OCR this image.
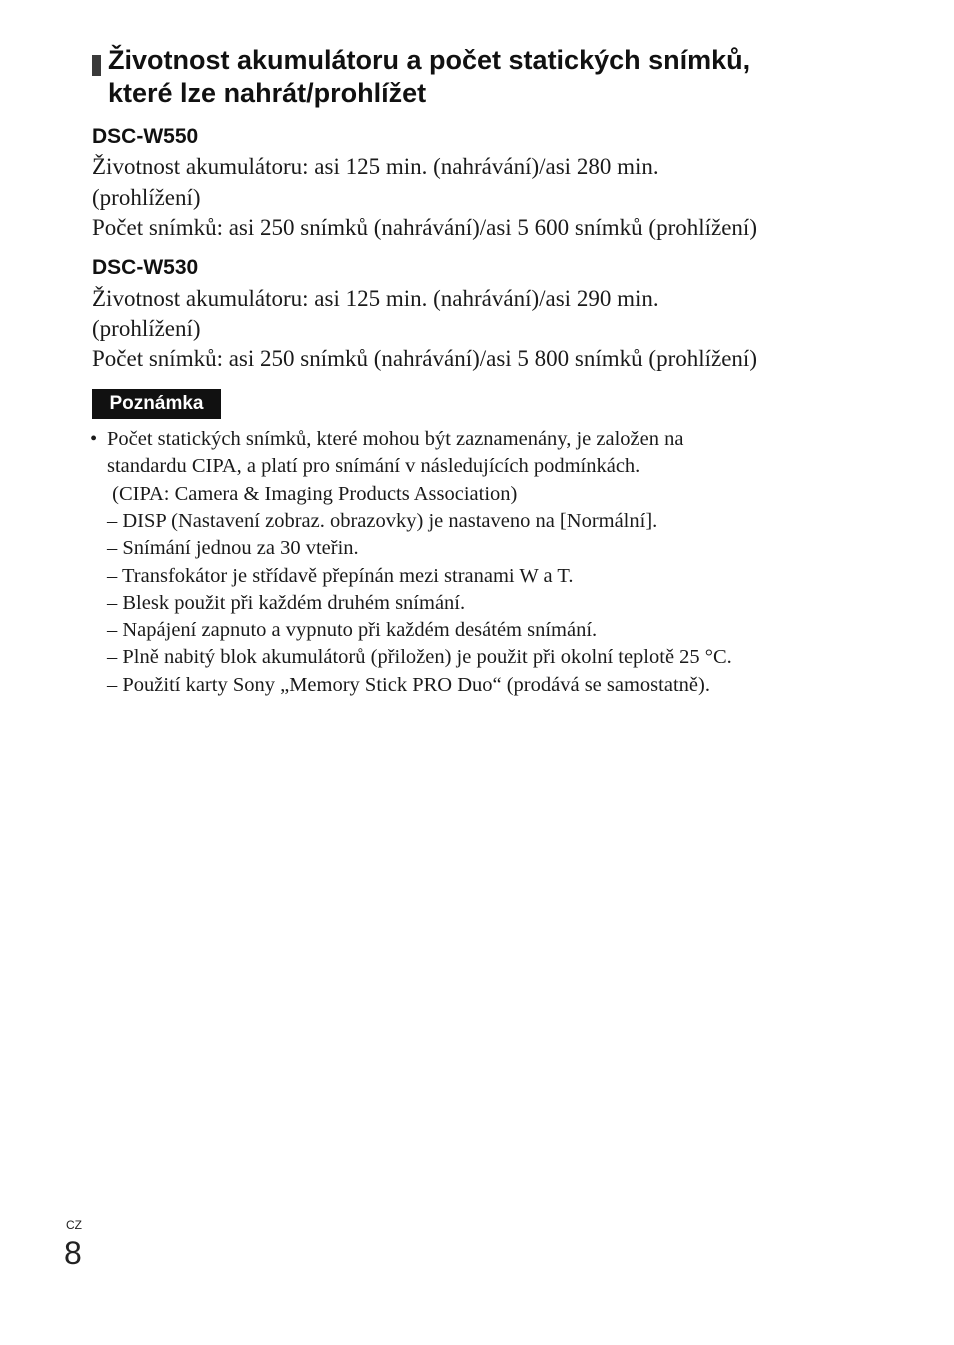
Životnost akumulátoru a počet statických snímků,
které lze nahrát/prohlížet
DSC-W550
Životnost akumulátoru: asi 125 min. (nahrávání)/asi 280 min.
(prohlížení)
Počet snímků: asi 250 snímků (nahrávání)/asi 5 600 snímků (prohlížení)
DSC-W530
Životnost akumulátoru: asi 125 min. (nahrávání)/asi 290 min.
(prohlížení)
Počet snímků: asi 250 snímků (nahrávání)/asi 5 800 snímků (prohlížení)
Poznámka
• Počet statických snímků, které mohou být zaznamenány, je založen na
standardu CIPA, a platí pro snímání v následujících podmínkách.
(CIPA: Camera & Imaging Products Association)
– DISP (Nastavení zobraz. obrazovky) je nastaveno na [Normální].
– Snímání jednou za 30 vteřin.
– Transfokátor je střídavě přepínán mezi stranami W a T.
– Blesk použit při každém druhém snímání.
– Napájení zapnuto a vypnuto při každém desátém snímání.
– Plně nabitý blok akumulátorů (přiložen) je použit při okolní teplotě 25 °C.
– Použití karty Sony „Memory Stick PRO Duo“ (prodává se samostatně).
CZ
8
